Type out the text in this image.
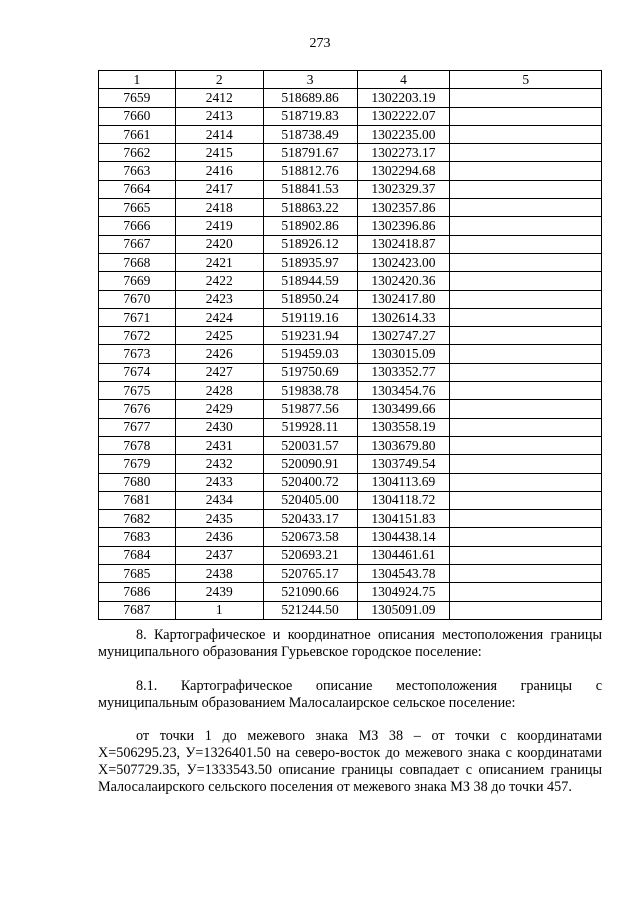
273
1	2	3	4	5
7659	2412	518689.86	1302203.19	
7660	2413	518719.83	1302222.07	
7661	2414	518738.49	1302235.00	
7662	2415	518791.67	1302273.17	
7663	2416	518812.76	1302294.68	
7664	2417	518841.53	1302329.37	
7665	2418	518863.22	1302357.86	
7666	2419	518902.86	1302396.86	
7667	2420	518926.12	1302418.87	
7668	2421	518935.97	1302423.00	
7669	2422	518944.59	1302420.36	
7670	2423	518950.24	1302417.80	
7671	2424	519119.16	1302614.33	
7672	2425	519231.94	1302747.27	
7673	2426	519459.03	1303015.09	
7674	2427	519750.69	1303352.77	
7675	2428	519838.78	1303454.76	
7676	2429	519877.56	1303499.66	
7677	2430	519928.11	1303558.19	
7678	2431	520031.57	1303679.80	
7679	2432	520090.91	1303749.54	
7680	2433	520400.72	1304113.69	
7681	2434	520405.00	1304118.72	
7682	2435	520433.17	1304151.83	
7683	2436	520673.58	1304438.14	
7684	2437	520693.21	1304461.61	
7685	2438	520765.17	1304543.78	
7686	2439	521090.66	1304924.75	
7687	1	521244.50	1305091.09	

8. Картографическое и координатное описания местоположения границы муниципального образования Гурьевское городское поселение:

8.1. Картографическое описание местоположения границы с муниципальным образованием Малосалаирское сельское поселение:

от точки 1 до межевого знака МЗ 38 – от точки с координатами X=506295.23, У=1326401.50 на северо-восток до межевого знака с координатами X=507729.35, У=1333543.50 описание границы совпадает с описанием границы Малосалаирского сельского поселения от межевого знака МЗ 38 до точки 457.
